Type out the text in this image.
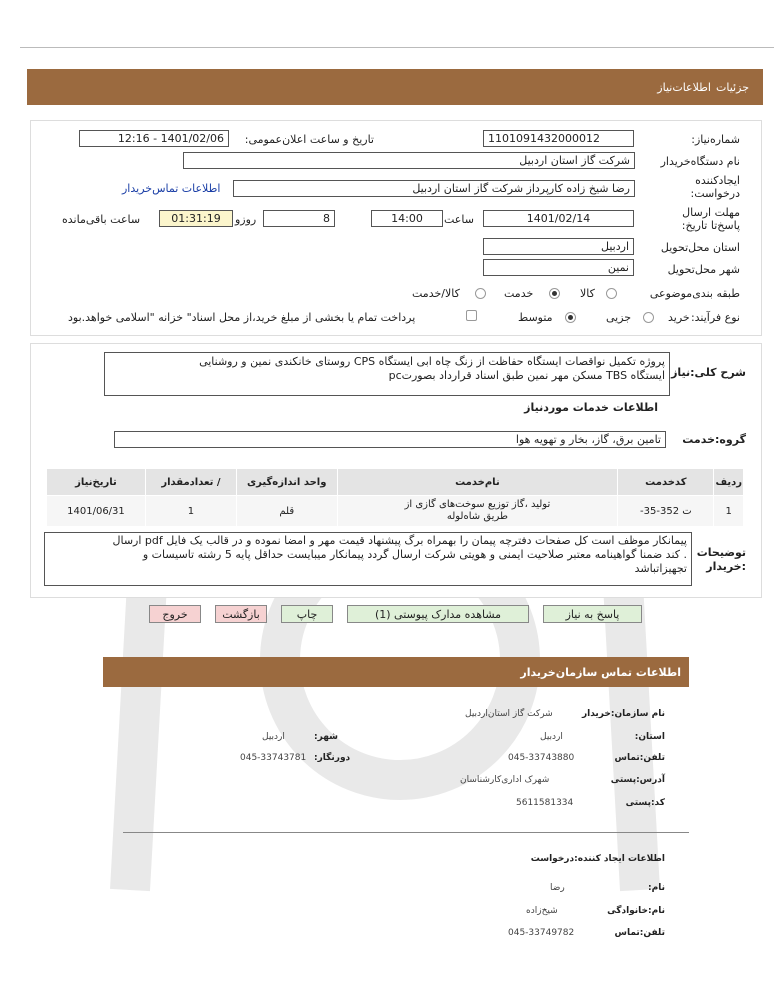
جزئیات
اطلاعات‌نیاز
شماره‌نیاز:
1101091432000012
تاریخ و ساعت اعلان‌عمومی:
1401/02/06 - 12:16
نام دستگاه‌خریدار
شرکت گاز استان اردبیل
ایجادکننده درخواست:
رضا شیخ زاده کارپرداز شرکت گاز استان اردبیل
اطلاعات تماس‌خریدار
مهلت ارسال پاسخ‌تا تاریخ:
1401/02/14
ساعت
14:00
8
روزو
01:31:19
ساعت باقی‌مانده
استان محل‌تحویل
اردبیل
شهر محل‌تحویل
نمین
طبقه بندی‌موضوعی
کالا
خدمت
کالا/خدمت
نوع فرآیند:
خرید
جزیی
متوسط
پرداخت تمام یا بخشی از مبلغ خرید،از محل اسناد" خزانه "اسلامی خواهد.بود
شرح کلی:نیاز
پروژه تکمیل نواقصات ایستگاه حفاظت از زنگ چاه ابی ایستگاه CPS روستای خانکندی نمین و روشنایی
ایستگاه TBS مسکن مهر نمین طبق اسناد قرارداد بصورتpc
اطلاعات خدمات موردنیاز
گروه:خدمت
تامین برق، گاز، بخار و تهویه هوا
ردیف	کدخدمت	نام‌خدمت	واحد اندازه‌گیری	/ تعدادمقدار	تاریخ‌نیاز
1	ت 352-35-	تولید ،گاز توزیع سوخت‌های گازی از طریق شاه‌لوله	قلم	1	1401/06/31
توضیحات :خریدار
پیمانکار موظف است کل صفحات دفترچه پیمان را بهمراه برگ پیشنهاد قیمت مهر و امضا نموده و در قالب یک فایل pdf ارسال
. کند ضمنا گواهینامه معتبر صلاحیت ایمنی و هویتی شرکت ارسال گردد پیمانکار میبایست حداقل پایه 5 رشته تاسیسات و
تجهیزاتباشد
پاسخ به نیاز
مشاهده مدارک پیوستی (1)
چاپ
بازگشت
خروج
اطلاعات تماس سازمان‌خریدار
نام سازمان:خریدار
شرکت گاز استان‌اردبیل
استان:
اردبیل
شهر:
اردبیل
تلفن:تماس
045-33743880
دورنگار:
045-33743781
آدرس:پستی
شهرک اداری‌کارشناسان
کد:پستی
5611581334
اطلاعات ایجاد کننده:درخواست
نام:
رضا
نام:خانوادگی
شیخ‌زاده
تلفن:تماس
045-33749782
